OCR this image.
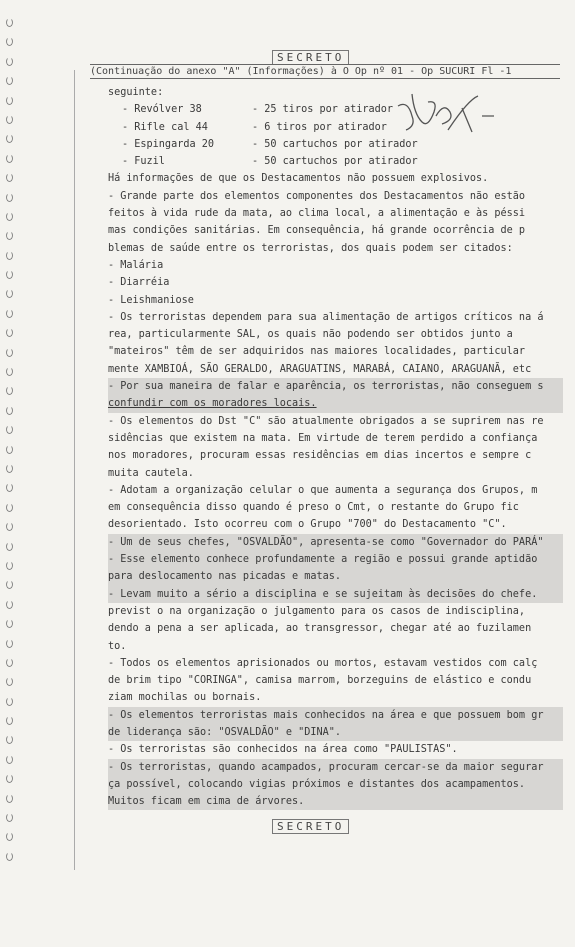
SECRETO
(Continuação do anexo "A" (Informações) à O Op nº 01 - Op SUCURI Fl -1
seguinte:
- Revólver 38	- 25 tiros por atirador
- Rifle cal 44	- 6 tiros por atirador
- Espingarda 20	- 50 cartuchos por atirador
- Fuzil	- 50 cartuchos por atirador
Há informações de que os Destacamentos não possuem explosivos.
- Grande parte dos elementos componentes dos Destacamentos não estão
feitos à vida rude da mata, ao clima local, a alimentação e às péssi
mas condições sanitárias. Em consequência, há grande ocorrência de p
blemas de saúde entre os terroristas, dos quais podem ser citados:
- Malária
- Diarréia
- Leishmaniose
- Os terroristas dependem para sua alimentação de artigos críticos na á
rea, particularmente SAL, os quais não podendo ser obtidos junto a
"mateiros" têm de ser adquiridos nas maiores localidades, particular
mente XAMBIOÁ, SÃO GERALDO, ARAGUATINS, MARABÁ, CAIANO, ARAGUANÃ, etc
- Por sua maneira de falar e aparência, os terroristas, não conseguem s
confundir com os moradores locais.
- Os elementos do Dst "C" são atualmente obrigados a se suprirem nas re
sidências que existem na mata. Em virtude de terem perdido a confiança
nos moradores, procuram essas residências em dias incertos e sempre c
muita cautela.
- Adotam a organização celular o que aumenta a segurança dos Grupos, m
em consequência disso quando é preso o Cmt, o restante do Grupo fic
desorientado. Isto ocorreu com o Grupo "700" do Destacamento "C".
- Um de seus chefes, "OSVALDÃO", apresenta-se como "Governador do PARÁ"
- Esse elemento conhece profundamente a região e possui grande aptidão
para deslocamento nas picadas e matas.
- Levam muito a sério a disciplina e se sujeitam às decisões do chefe.
previst o na organização o julgamento para os casos de indisciplina,
dendo a pena a ser aplicada, ao transgressor, chegar até ao fuzilamen
to.
- Todos os elementos aprisionados ou mortos, estavam vestidos com calç
de brim tipo "CORINGA", camisa marrom, borzeguins de elástico e condu
ziam mochilas ou bornais.
- Os elementos terroristas mais conhecidos na área e que possuem bom gr
de liderança são: "OSVALDÃO" e "DINA".
- Os terroristas são conhecidos na área como "PAULISTAS".
- Os terroristas, quando acampados, procuram cercar-se da maior segurar
ça possível, colocando vigias próximos e distantes dos acampamentos.
Muitos ficam em cima de árvores.
SECRETO
